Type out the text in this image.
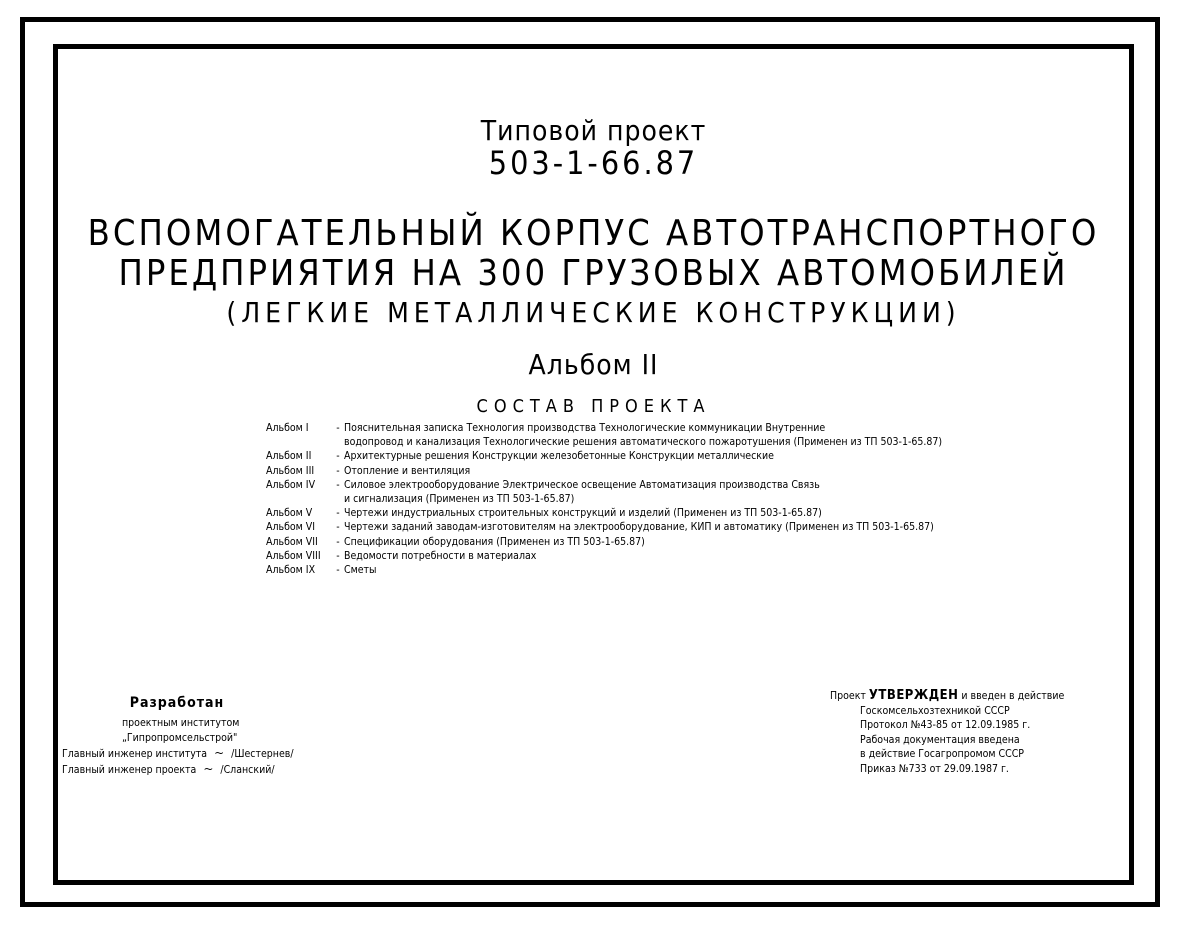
Типовой проект
503-1-66.87
ВСПОМОГАТЕЛЬНЫЙ КОРПУС АВТОТРАНСПОРТНОГО
ПРЕДПРИЯТИЯ НА 300 ГРУЗОВЫХ АВТОМОБИЛЕЙ
(ЛЕГКИЕ МЕТАЛЛИЧЕСКИЕ КОНСТРУКЦИИ)
Альбом II
СОСТАВ ПРОЕКТА
Альбом I	- Пояснительная записка Технология производства Технологические коммуникации Внутренние
водопровод и канализация Технологические решения автоматического пожаротушения (Применен из ТП 503-1-65.87)
Альбом II	- Архитектурные решения Конструкции железобетонные Конструкции металлические
Альбом III	- Отопление и вентиляция
Альбом IV	- Силовое электрооборудование Электрическое освещение Автоматизация производства Связь
и сигнализация (Применен из ТП 503-1-65.87)
Альбом V	- Чертежи индустриальных строительных конструкций и изделий (Применен из ТП 503-1-65.87)
Альбом VI	- Чертежи заданий заводам-изготовителям на электрооборудование, КИП и автоматику (Применен из ТП 503-1-65.87)
Альбом VII	- Спецификации оборудования (Применен из ТП 503-1-65.87)
Альбом VIII	- Ведомости потребности в материалах
Альбом IX	- Сметы
Разработан
проектным институтом
„Гипропромсельстрой"
Главный инженер института ~ /Шестернев/
Главный инженер проекта ~ /Сланский/
Проект УТВЕРЖДЕН и введен в действие
Госкомсельхозтехникой СССР
Протокол №43-85 от 12.09.1985 г.
Рабочая документация введена
в действие Госагропромом СССР
Приказ №733 от 29.09.1987 г.
